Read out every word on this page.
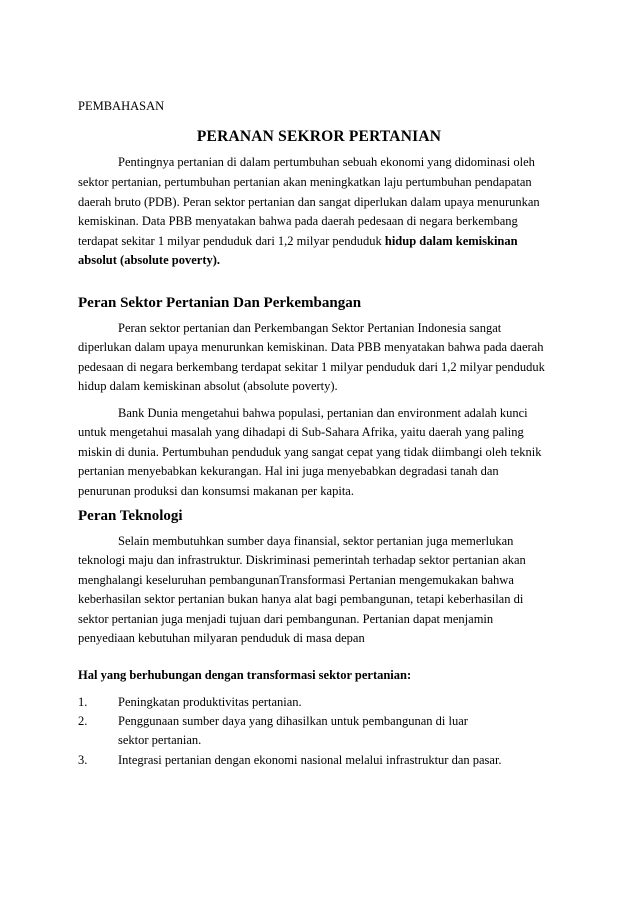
PEMBAHASAN
PERANAN SEKROR PERTANIAN
Pentingnya pertanian di dalam pertumbuhan sebuah ekonomi yang didominasi oleh
sektor pertanian, pertumbuhan pertanian akan meningkatkan laju pertumbuhan pendapatan
daerah bruto (PDB). Peran sektor pertanian dan sangat diperlukan dalam upaya menurunkan
kemiskinan. Data PBB menyatakan bahwa pada daerah pedesaan di negara berkembang
terdapat sekitar 1 milyar penduduk dari 1,2 milyar penduduk hidup dalam kemiskinan
absolut (absolute poverty).
Peran Sektor Pertanian Dan Perkembangan
Peran sektor pertanian dan Perkembangan Sektor Pertanian Indonesia sangat
diperlukan dalam upaya menurunkan kemiskinan. Data PBB menyatakan bahwa pada daerah
pedesaan di negara berkembang terdapat sekitar 1 milyar penduduk dari 1,2 milyar penduduk
hidup dalam kemiskinan absolut (absolute poverty).
Bank Dunia mengetahui bahwa populasi, pertanian dan environment adalah kunci
untuk mengetahui masalah yang dihadapi di Sub-Sahara Afrika, yaitu daerah yang paling
miskin di dunia. Pertumbuhan penduduk yang sangat cepat yang tidak diimbangi oleh teknik
pertanian menyebabkan kekurangan. Hal ini juga menyebabkan degradasi tanah dan
penurunan produksi dan konsumsi makanan per kapita.
Peran Teknologi
Selain membutuhkan sumber daya finansial, sektor pertanian juga memerlukan
teknologi maju dan infrastruktur. Diskriminasi pemerintah terhadap sektor pertanian akan
menghalangi keseluruhan pembangunanTransformasi Pertanian mengemukakan bahwa
keberhasilan sektor pertanian bukan hanya alat bagi pembangunan, tetapi keberhasilan di
sektor pertanian juga menjadi tujuan dari pembangunan. Pertanian dapat menjamin
penyediaan kebutuhan milyaran penduduk di masa depan
Hal yang berhubungan dengan transformasi sektor pertanian:
1. Peningkatan produktivitas pertanian.
2. Penggunaan sumber daya yang dihasilkan untuk pembangunan di luar
sektor pertanian.
3. Integrasi pertanian dengan ekonomi nasional melalui infrastruktur dan pasar.
